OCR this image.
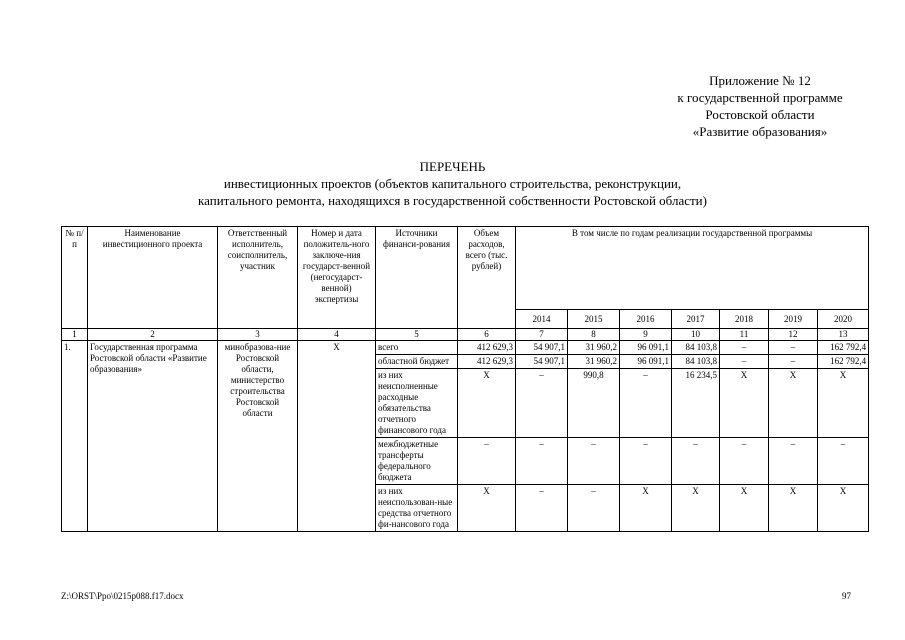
Приложение № 12
к государственной программе
Ростовской области
«Развитие образования»
ПЕРЕЧЕНЬ
инвестиционных проектов (объектов капитального строительства, реконструкции,
капитального ремонта, находящихся в государственной собственности Ростовской области)
№ п/п	Наименование инвестиционного проекта	Ответственный исполнитель, соисполнитель, участник	Номер и дата положитель-ного заключе-ния государст-венной (негосударст-венной) экспертизы	Источники финанси-рования	Объем расходов, всего (тыс. рублей)	В том числе по годам реализации государственной программы						
						2014	2015	2016	2017	2018	2019	2020
1	2	3	4	5	6	7	8	9	10	11	12	13
1.	Государственная программа Ростовской области «Развитие образования»	минобразова-ние Ростовской области, министерство строительства Ростовской области	Х	всего	412 629,3	54 907,1	31 960,2	96 091,1	84 103,8	–	–	162 792,4
				областной бюджет	412 629,3	54 907,1	31 960,2	96 091,1	84 103,8	–	–	162 792,4
				из них неисполненные расходные обязательства отчетного финансового года	Х	–	990,8	–	16 234,5	Х	Х	Х
				межбюджетные трансферты федерального бюджета	–	–	–	–	–	–	–	–
				из них неиспользован-ные средства отчетного фи-нансового года	Х	–	–	Х	Х	Х	Х	Х
Z:\ORST\Ppo\0215p088.f17.docx	97
